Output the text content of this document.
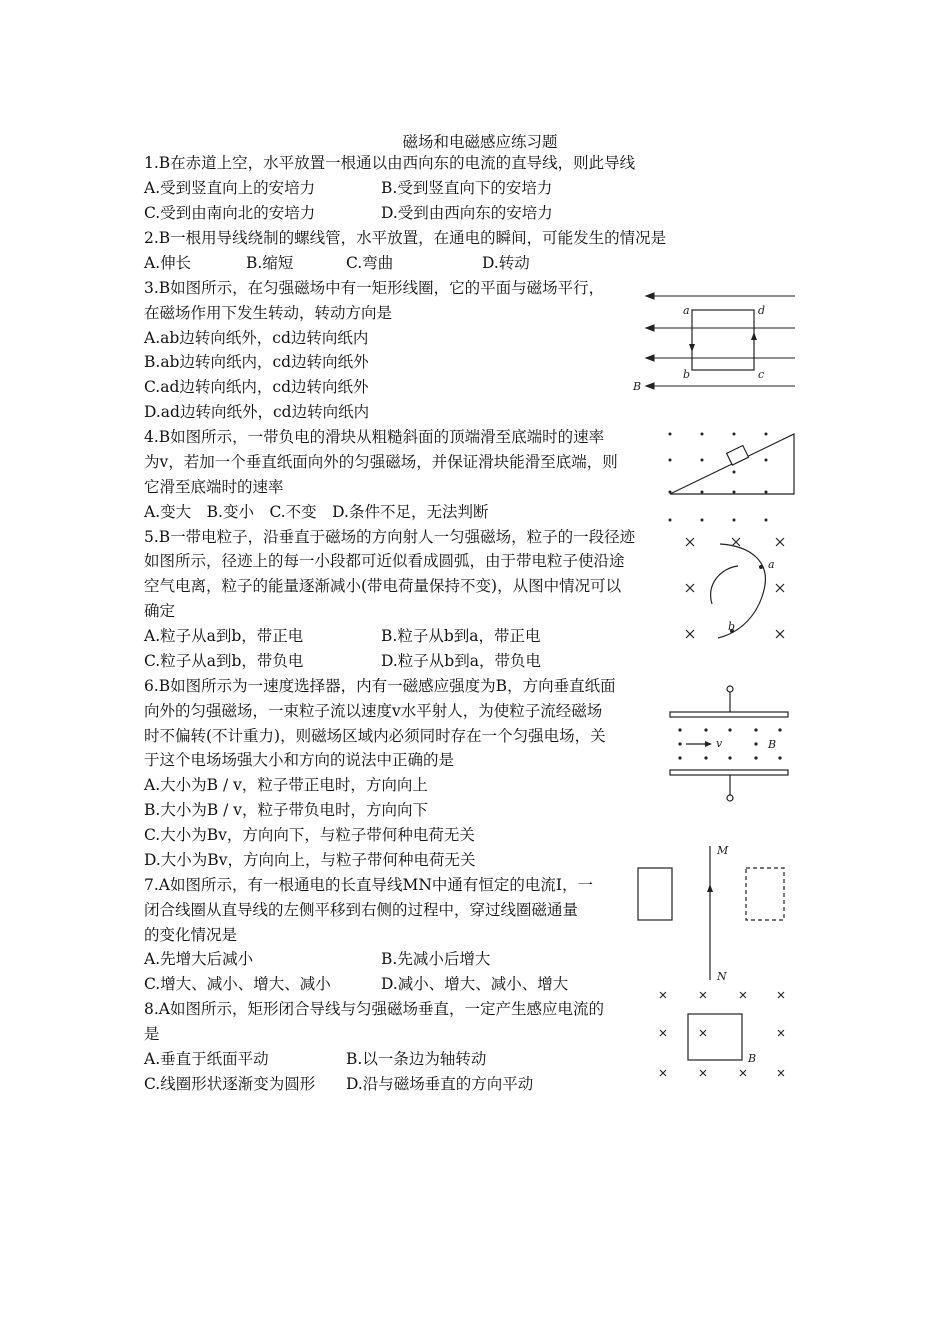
磁场和电磁感应练习题
1.B在赤道上空，水平放置一根通以由西向东的电流的直导线，则此导线
A.受到竖直向上的安培力	B.受到竖直向下的安培力
C.受到由南向北的安培力	D.受到由西向东的安培力
2.B一根用导线绕制的螺线管，水平放置，在通电的瞬间，可能发生的情况是
A.伸长	B.缩短	C.弯曲	D.转动
3.B如图所示，在匀强磁场中有一矩形线圈，它的平面与磁场平行，
在磁场作用下发生转动，转动方向是
A.ab边转向纸外，cd边转向纸内
B.ab边转向纸内，cd边转向纸外
C.ad边转向纸内，cd边转向纸外
D.ad边转向纸外，cd边转向纸内
4.B如图所示，一带负电的滑块从粗糙斜面的顶端滑至底端时的速率
为v，若加一个垂直纸面向外的匀强磁场，并保证滑块能滑至底端，则
它滑至底端时的速率
A.变大　B.变小　C.不变　D.条件不足，无法判断
5.B一带电粒子，沿垂直于磁场的方向射人一匀强磁场，粒子的一段径迹
如图所示，径迹上的每一小段都可近似看成圆弧，由于带电粒子使沿途
空气电离，粒子的能量逐渐减小(带电荷量保持不变)，从图中情况可以
确定
A.粒子从a到b，带正电	B.粒子从b到a，带正电
C.粒子从a到b，带负电	D.粒子从b到a，带负电
6.B如图所示为一速度选择器，内有一磁感应强度为B，方向垂直纸面
向外的匀强磁场，一束粒子流以速度v水平射人，为使粒子流经磁场
时不偏转(不计重力)，则磁场区域内必须同时存在一个匀强电场，关
于这个电场场强大小和方向的说法中正确的是
A.大小为B / v，粒子带正电时，方向向上
B.大小为B / v，粒子带负电时，方向向下
C.大小为Bv，方向向下，与粒子带何种电荷无关
D.大小为Bv，方向向上，与粒子带何种电荷无关
7.A如图所示，有一根通电的长直导线MN中通有恒定的电流I，一
闭合线圈从直导线的左侧平移到右侧的过程中，穿过线圈磁通量
的变化情况是
A.先增大后减小	B.先减小后增大
C.增大、减小、增大、减小	D.减小、增大、减小、增大
8.A如图所示，矩形闭合导线与匀强磁场垂直，一定产生感应电流的
是
A.垂直于纸面平动	B.以一条边为轴转动
C.线圈形状逐渐变为圆形 D.沿与磁场垂直的方向平动
a	d
b	c
B
a
b
v	B
M
N
B
